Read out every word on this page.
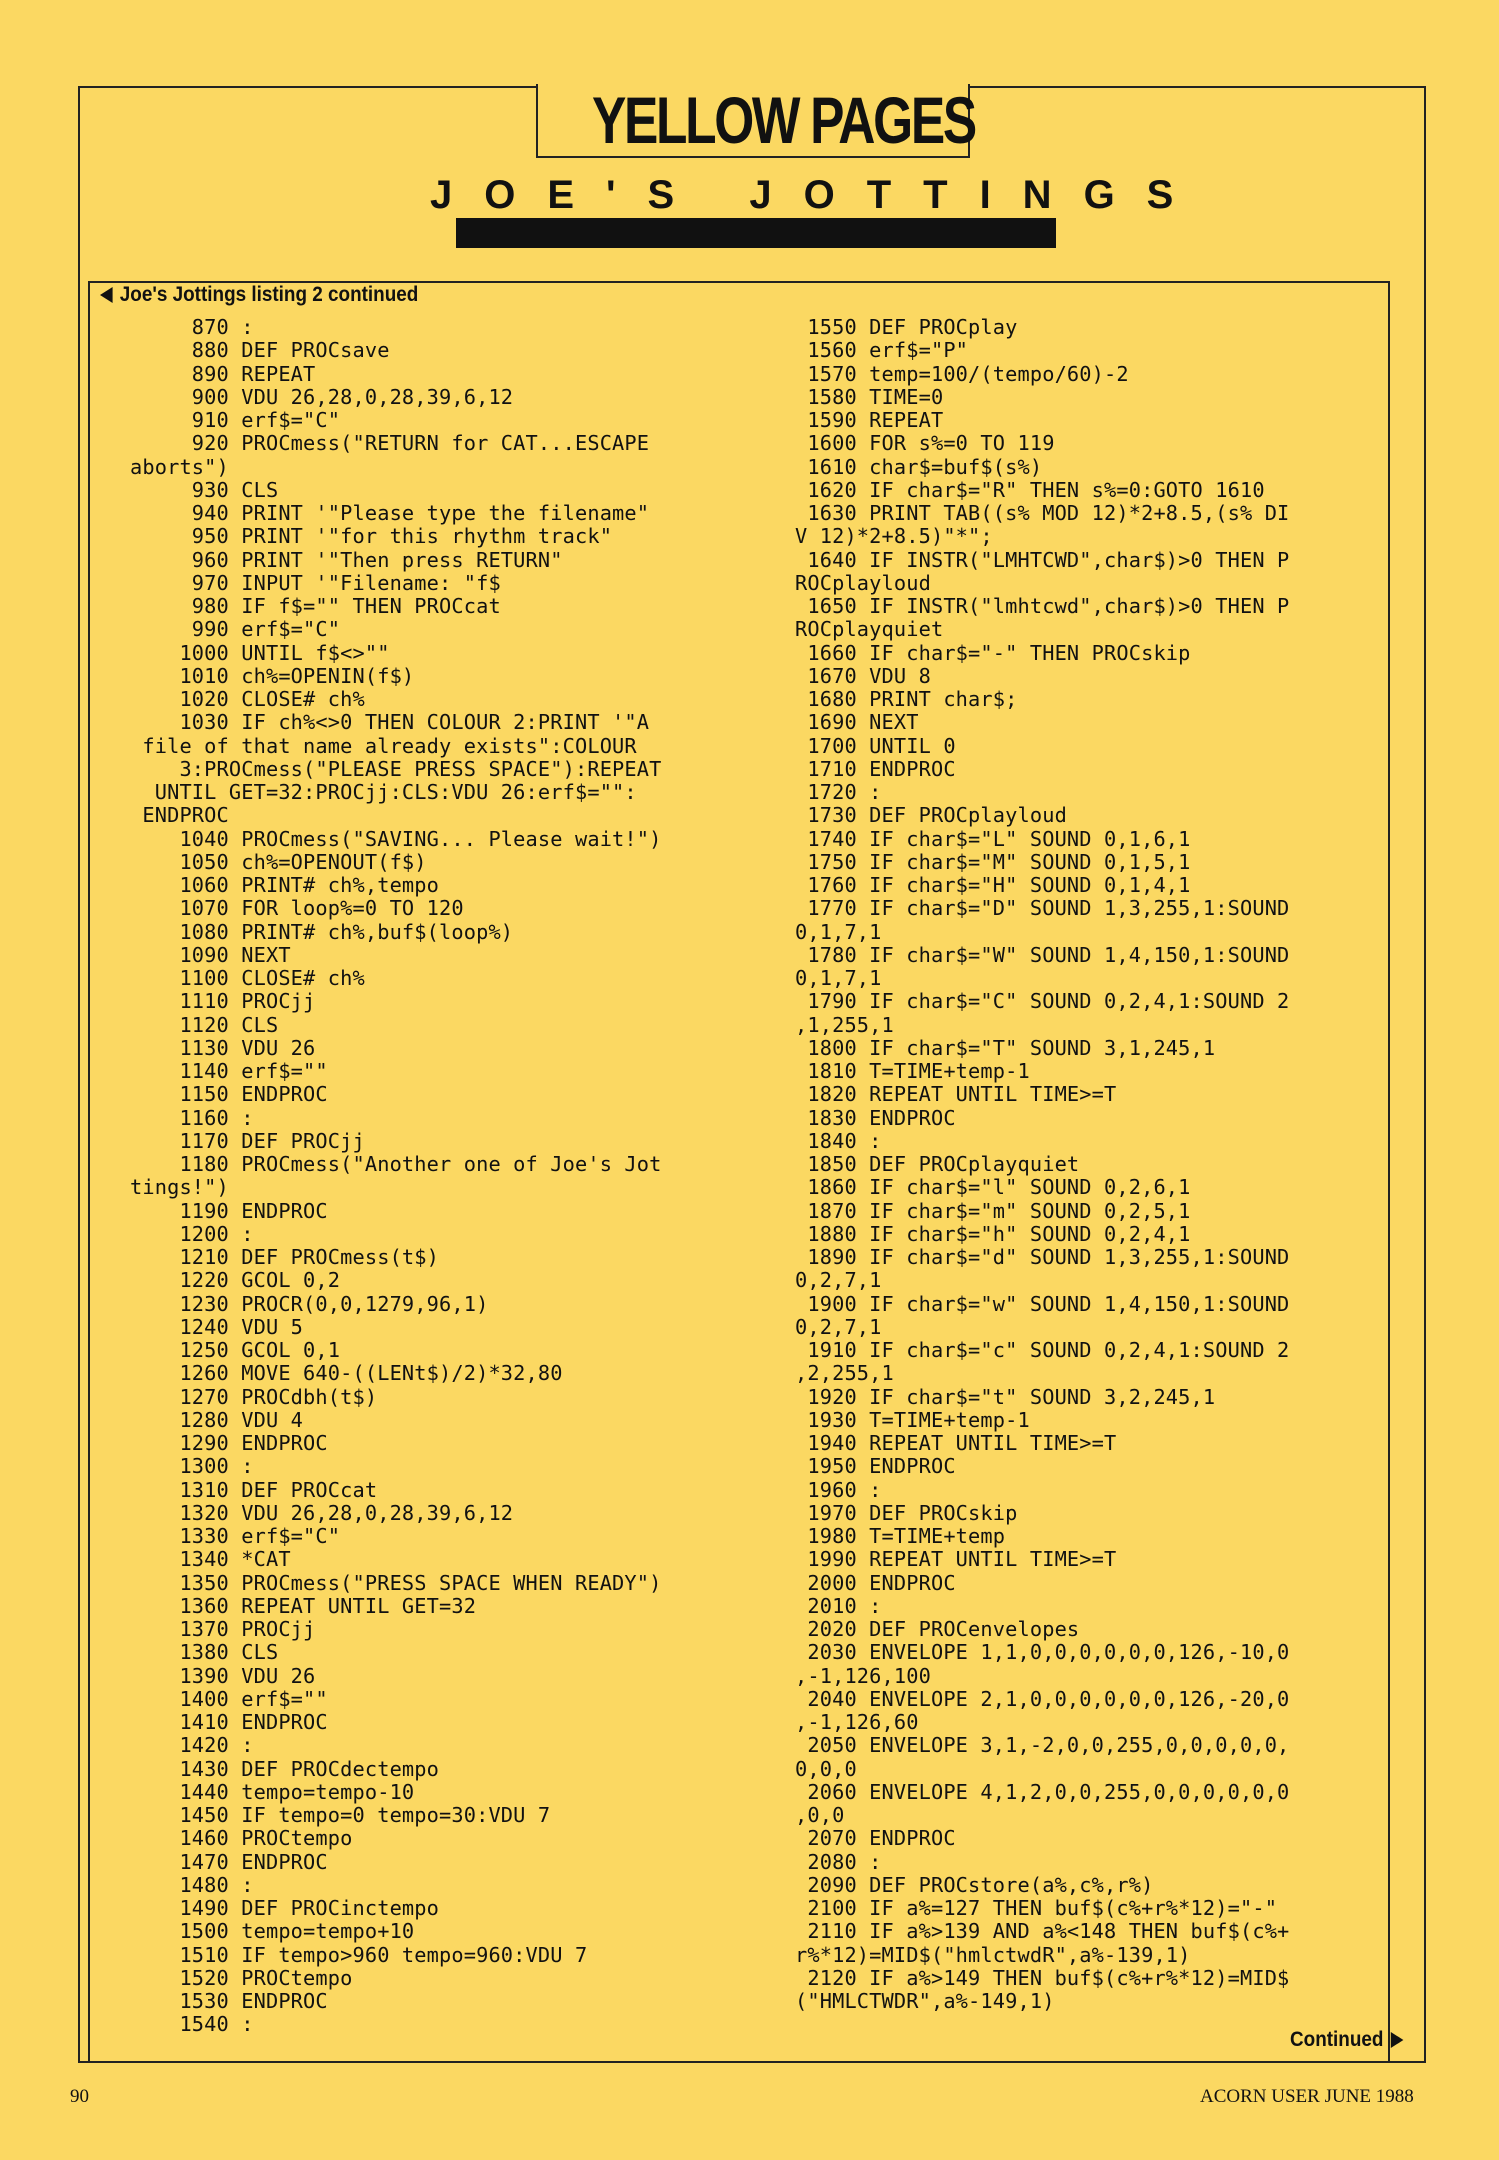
YELLOW PAGES
JOE'S JOTTINGS
Joe's Jottings listing 2 continued
870 :
880 DEF PROCsave
890 REPEAT
900 VDU 26,28,0,28,39,6,12
910 erf$="C"
920 PROCmess("RETURN for CAT...ESCAPE
aborts")
930 CLS
940 PRINT '"Please type the filename"
950 PRINT '"for this rhythm track"
960 PRINT '"Then press RETURN"
970 INPUT '"Filename: "f$
980 IF f$="" THEN PROCcat
990 erf$="C"
1000 UNTIL f$<>""
1010 ch%=OPENIN(f$)
1020 CLOSE# ch%
1030 IF ch%<>0 THEN COLOUR 2:PRINT '"A
file of that name already exists":COLOUR
3:PROCmess("PLEASE PRESS SPACE"):REPEAT
UNTIL GET=32:PROCjj:CLS:VDU 26:erf$="":
ENDPROC
1040 PROCmess("SAVING... Please wait!")
1050 ch%=OPENOUT(f$)
1060 PRINT# ch%,tempo
1070 FOR loop%=0 TO 120
1080 PRINT# ch%,buf$(loop%)
1090 NEXT
1100 CLOSE# ch%
1110 PROCjj
1120 CLS
1130 VDU 26
1140 erf$=""
1150 ENDPROC
1160 :
1170 DEF PROCjj
1180 PROCmess("Another one of Joe's Jot
tings!")
1190 ENDPROC
1200 :
1210 DEF PROCmess(t$)
1220 GCOL 0,2
1230 PROCR(0,0,1279,96,1)
1240 VDU 5
1250 GCOL 0,1
1260 MOVE 640-((LENt$)/2)*32,80
1270 PROCdbh(t$)
1280 VDU 4
1290 ENDPROC
1300 :
1310 DEF PROCcat
1320 VDU 26,28,0,28,39,6,12
1330 erf$="C"
1340 *CAT
1350 PROCmess("PRESS SPACE WHEN READY")
1360 REPEAT UNTIL GET=32
1370 PROCjj
1380 CLS
1390 VDU 26
1400 erf$=""
1410 ENDPROC
1420 :
1430 DEF PROCdectempo
1440 tempo=tempo-10
1450 IF tempo=0 tempo=30:VDU 7
1460 PROCtempo
1470 ENDPROC
1480 :
1490 DEF PROCinctempo
1500 tempo=tempo+10
1510 IF tempo>960 tempo=960:VDU 7
1520 PROCtempo
1530 ENDPROC
1540 :
1550 DEF PROCplay
1560 erf$="P"
1570 temp=100/(tempo/60)-2
1580 TIME=0
1590 REPEAT
1600 FOR s%=0 TO 119
1610 char$=buf$(s%)
1620 IF char$="R" THEN s%=0:GOTO 1610
1630 PRINT TAB((s% MOD 12)*2+8.5,(s% DI
V 12)*2+8.5)"*";
1640 IF INSTR("LMHTCWD",char$)>0 THEN P
ROCplayloud
1650 IF INSTR("lmhtcwd",char$)>0 THEN P
ROCplayquiet
1660 IF char$="-" THEN PROCskip
1670 VDU 8
1680 PRINT char$;
1690 NEXT
1700 UNTIL 0
1710 ENDPROC
1720 :
1730 DEF PROCplayloud
1740 IF char$="L" SOUND 0,1,6,1
1750 IF char$="M" SOUND 0,1,5,1
1760 IF char$="H" SOUND 0,1,4,1
1770 IF char$="D" SOUND 1,3,255,1:SOUND
0,1,7,1
1780 IF char$="W" SOUND 1,4,150,1:SOUND
0,1,7,1
1790 IF char$="C" SOUND 0,2,4,1:SOUND 2
,1,255,1
1800 IF char$="T" SOUND 3,1,245,1
1810 T=TIME+temp-1
1820 REPEAT UNTIL TIME>=T
1830 ENDPROC
1840 :
1850 DEF PROCplayquiet
1860 IF char$="l" SOUND 0,2,6,1
1870 IF char$="m" SOUND 0,2,5,1
1880 IF char$="h" SOUND 0,2,4,1
1890 IF char$="d" SOUND 1,3,255,1:SOUND
0,2,7,1
1900 IF char$="w" SOUND 1,4,150,1:SOUND
0,2,7,1
1910 IF char$="c" SOUND 0,2,4,1:SOUND 2
,2,255,1
1920 IF char$="t" SOUND 3,2,245,1
1930 T=TIME+temp-1
1940 REPEAT UNTIL TIME>=T
1950 ENDPROC
1960 :
1970 DEF PROCskip
1980 T=TIME+temp
1990 REPEAT UNTIL TIME>=T
2000 ENDPROC
2010 :
2020 DEF PROCenvelopes
2030 ENVELOPE 1,1,0,0,0,0,0,0,126,-10,0
,-1,126,100
2040 ENVELOPE 2,1,0,0,0,0,0,0,126,-20,0
,-1,126,60
2050 ENVELOPE 3,1,-2,0,0,255,0,0,0,0,0,
0,0,0
2060 ENVELOPE 4,1,2,0,0,255,0,0,0,0,0,0
,0,0
2070 ENDPROC
2080 :
2090 DEF PROCstore(a%,c%,r%)
2100 IF a%=127 THEN buf$(c%+r%*12)="-"
2110 IF a%>139 AND a%<148 THEN buf$(c%+
r%*12)=MID$("hmlctwdR",a%-139,1)
2120 IF a%>149 THEN buf$(c%+r%*12)=MID$
("HMLCTWDR",a%-149,1)
Continued
90	ACORN USER JUNE 1988
